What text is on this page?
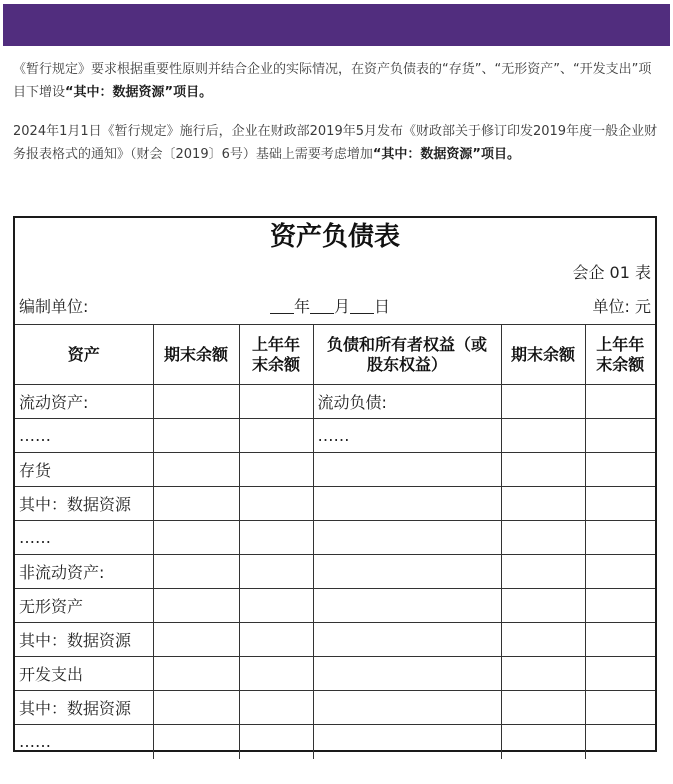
《暂行规定》要求根据重要性原则并结合企业的实际情况，在资产负债表的“存货”、“无形资产”、“开发支出”项目下增设“其中：数据资源”项目。

2024年1月1日《暂行规定》施行后，企业在财政部2019年5月发布《财政部关于修订印发2019年度一般企业财务报表格式的通知》（财会〔2019〕6号）基础上需要考虑增加“其中：数据资源”项目。

资产负债表
会企 01 表
编制单位:	年 月 日	单位: 元
资产	期末余额	上年年末余额	负债和所有者权益（或股东权益）	期末余额	上年年末余额
流动资产:			流动负债:		
……			……		
存货					
其中：数据资源					
……					
非流动资产:					
无形资产					
其中：数据资源					
开发支出					
其中：数据资源					
……					
